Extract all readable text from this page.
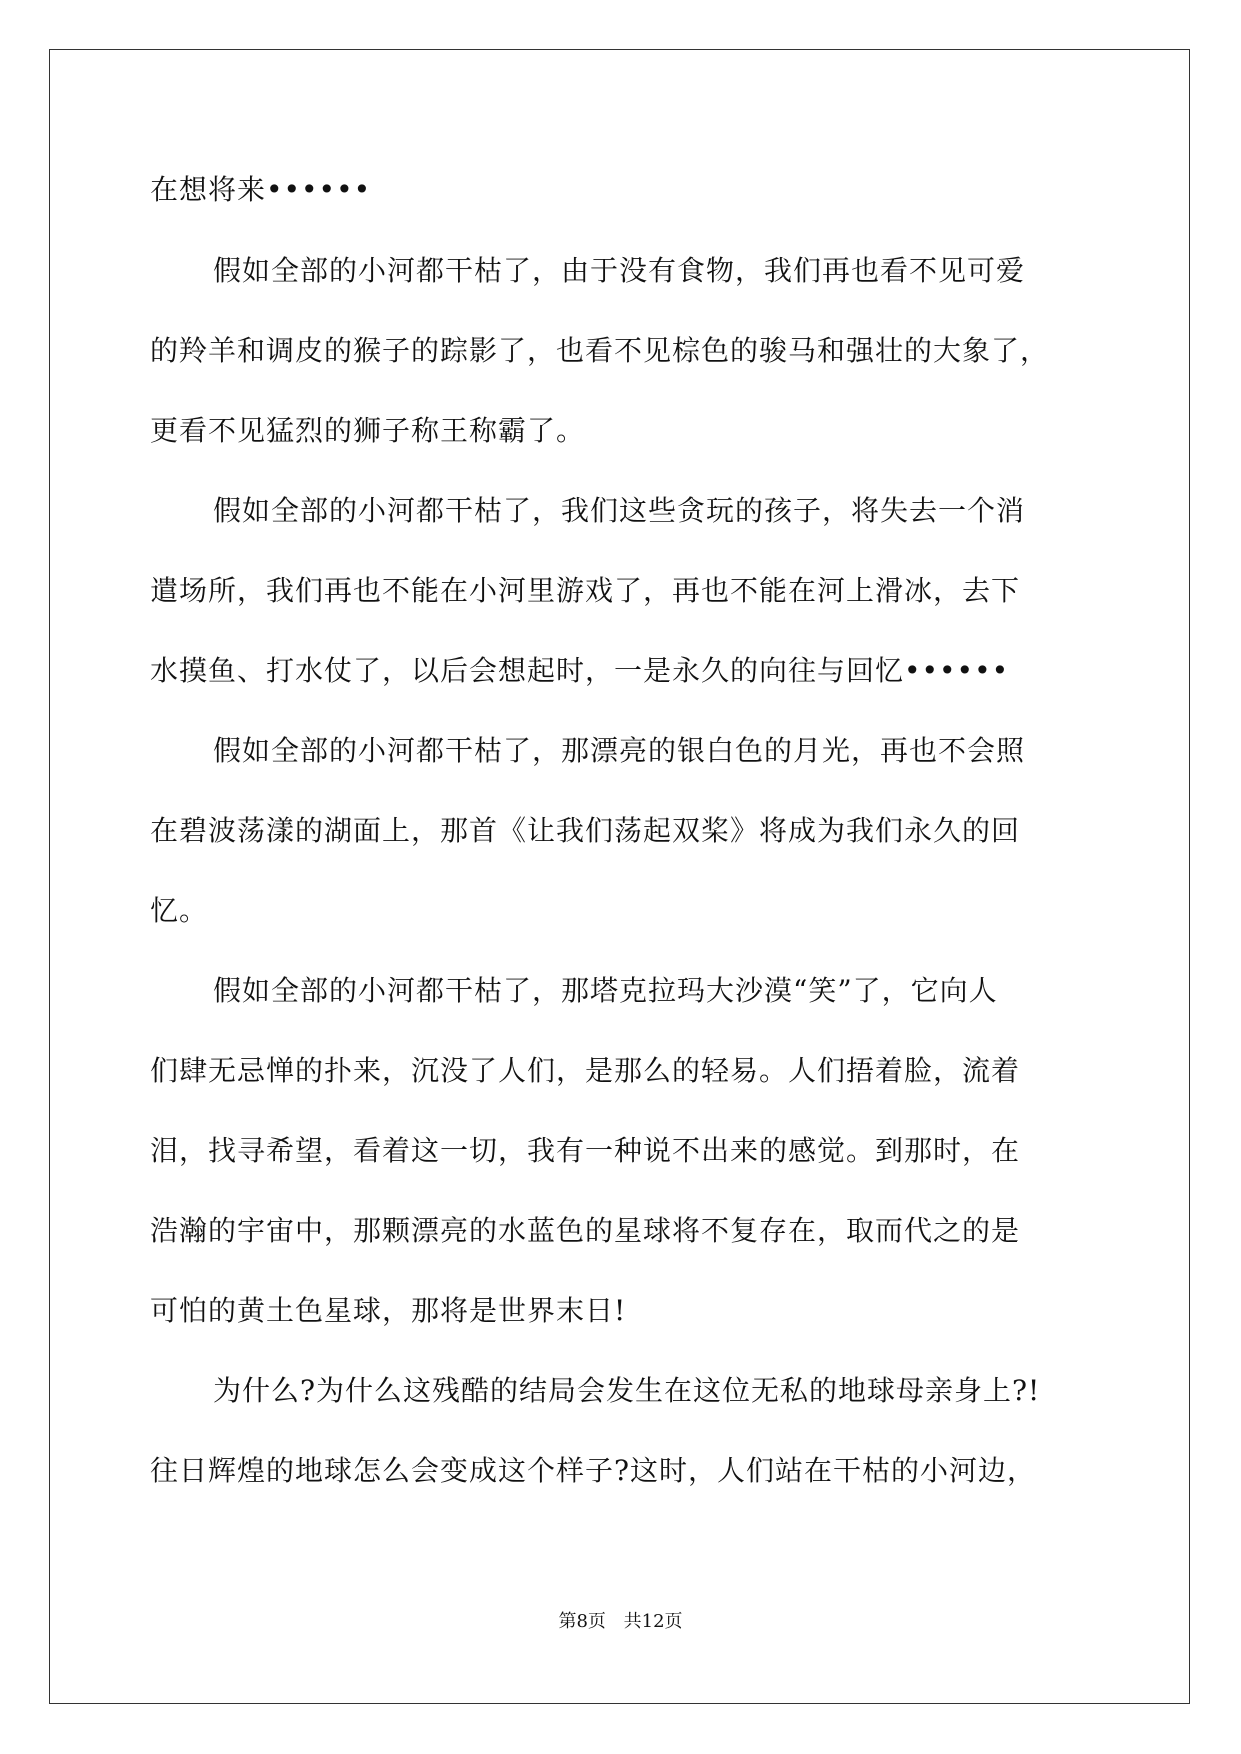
在想将来••••••
假如全部的小河都干枯了，由于没有食物，我们再也看不见可爱
的羚羊和调皮的猴子的踪影了，也看不见棕色的骏马和强壮的大象了，
更看不见猛烈的狮子称王称霸了。
假如全部的小河都干枯了，我们这些贪玩的孩子，将失去一个消
遣场所，我们再也不能在小河里游戏了，再也不能在河上滑冰，去下
水摸鱼、打水仗了，以后会想起时，一是永久的向往与回忆••••••
假如全部的小河都干枯了，那漂亮的银白色的月光，再也不会照
在碧波荡漾的湖面上，那首《让我们荡起双桨》将成为我们永久的回
忆。
假如全部的小河都干枯了，那塔克拉玛大沙漠“笑”了，它向人
们肆无忌惮的扑来，沉没了人们，是那么的轻易。人们捂着脸，流着
泪，找寻希望，看着这一切，我有一种说不出来的感觉。到那时，在
浩瀚的宇宙中，那颗漂亮的水蓝色的星球将不复存在，取而代之的是
可怕的黄土色星球，那将是世界末日!
为什么?为什么这残酷的结局会发生在这位无私的地球母亲身上?!
往日辉煌的地球怎么会变成这个样子?这时，人们站在干枯的小河边，
第8页 共12页
